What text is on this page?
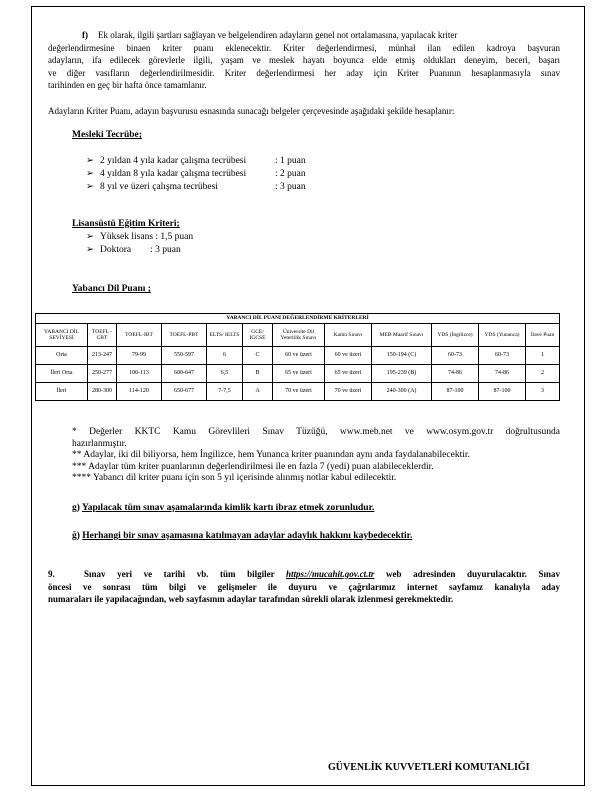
f) Ek olarak, ilgili şartları sağlayan ve belgelendiren adayların genel not ortalamasına, yapılacak kriter
değerlendirmesine binaen kriter puanı eklenecektir. Kriter değerlendirmesi, münhal ilan edilen kadroya başvuran
adayların, ifa edilecek görevlerle ilgili, yaşam ve meslek hayatı boyunca elde etmiş oldukları deneyim, beceri, başarı
ve diğer vasıfların değerlendirilmesidir. Kriter değerlendirmesi her aday için Kriter Puanının hesaplanmasıyla sınav
tarihinden en geç bir hafta önce tamamlanır.
Adayların Kriter Puanı, adayın başvurusu esnasında sunacağı belgeler çerçevesinde aşağıdaki şekilde hesaplanır:
Mesleki Tecrübe;
➢ 2 yıldan 4 yıla kadar çalışma tecrübesi	: 1 puan
➢ 4 yıldan 8 yıla kadar çalışma tecrübesi	: 2 puan
➢ 8 yıl ve üzeri çalışma tecrübesi	: 3 puan
Lisansüstü Eğitim Kriteri;
➢ Yüksek lisans : 1,5 puan
➢ Doktora        : 3 puan
Yabancı Dil Puanı ;
YABANCI DİL PUANI DEĞERLENDİRME KRİTERLERİ											
YABANCI DİL SEVİYESİ	TOEFL -CBT	TOEFL-IBT	TOEFL-PBT	ELTS/ IELTS	GCE/ IGCSE	Üniversite Dil Yeterlilik Sınavı	Kamu Sınavı	MEB Maarif Sınavı	YDS (İngilizce)	YDS (Yunanca)	İlave Puan
Orta	213-247	79-99	550-597	6	C	60 ve üzeri	60 ve üzeri	150-194 (C)	60-73	60-73	1
İleri Orta	250-277	100-113	600-647	6,5	B	65 ve üzeri	65 ve üzeri	195-239 (B)	74-86	74-86	2
İleri	280-300	114-120	650-677	7-7,5	A	70 ve üzeri	70 ve üzeri	240-300 (A)	87-100	87-100	3
* Değerler KKTC Kamu Görevlileri Sınav Tüzüğü, www.meb.net ve www.osym.gov.tr doğrultusunda
hazırlanmıştır.
** Adaylar, iki dil biliyorsa, hem İngilizce, hem Yunanca kriter puanından aynı anda faydalanabilecektir.
*** Adaylar tüm kriter puanlarının değerlendirilmesi ile en fazla 7 (yedi) puan alabileceklerdir.
**** Yabancı dil kriter puanı için son 5 yıl içerisinde alınmış notlar kabul edilecektir.
g) Yapılacak tüm sınav aşamalarında kimlik kartı ibraz etmek zorunludur.
ğ) Herhangi bir sınav aşamasına katılmayan adaylar adaylık hakkını kaybedecektir.
9.	Sınav yeri ve tarihi vb. tüm bilgiler https://mucahit.gov.ct.tr web adresinden duyurulacaktır. Sınav
öncesi ve sonrası tüm bilgi ve gelişmeler ile duyuru ve çağrılarımız internet sayfamız kanalıyla aday
numaraları ile yapılacağından, web sayfasının adaylar tarafından sürekli olarak izlenmesi gerekmektedir.
GÜVENLİK KUVVETLERİ KOMUTANLIĞI
